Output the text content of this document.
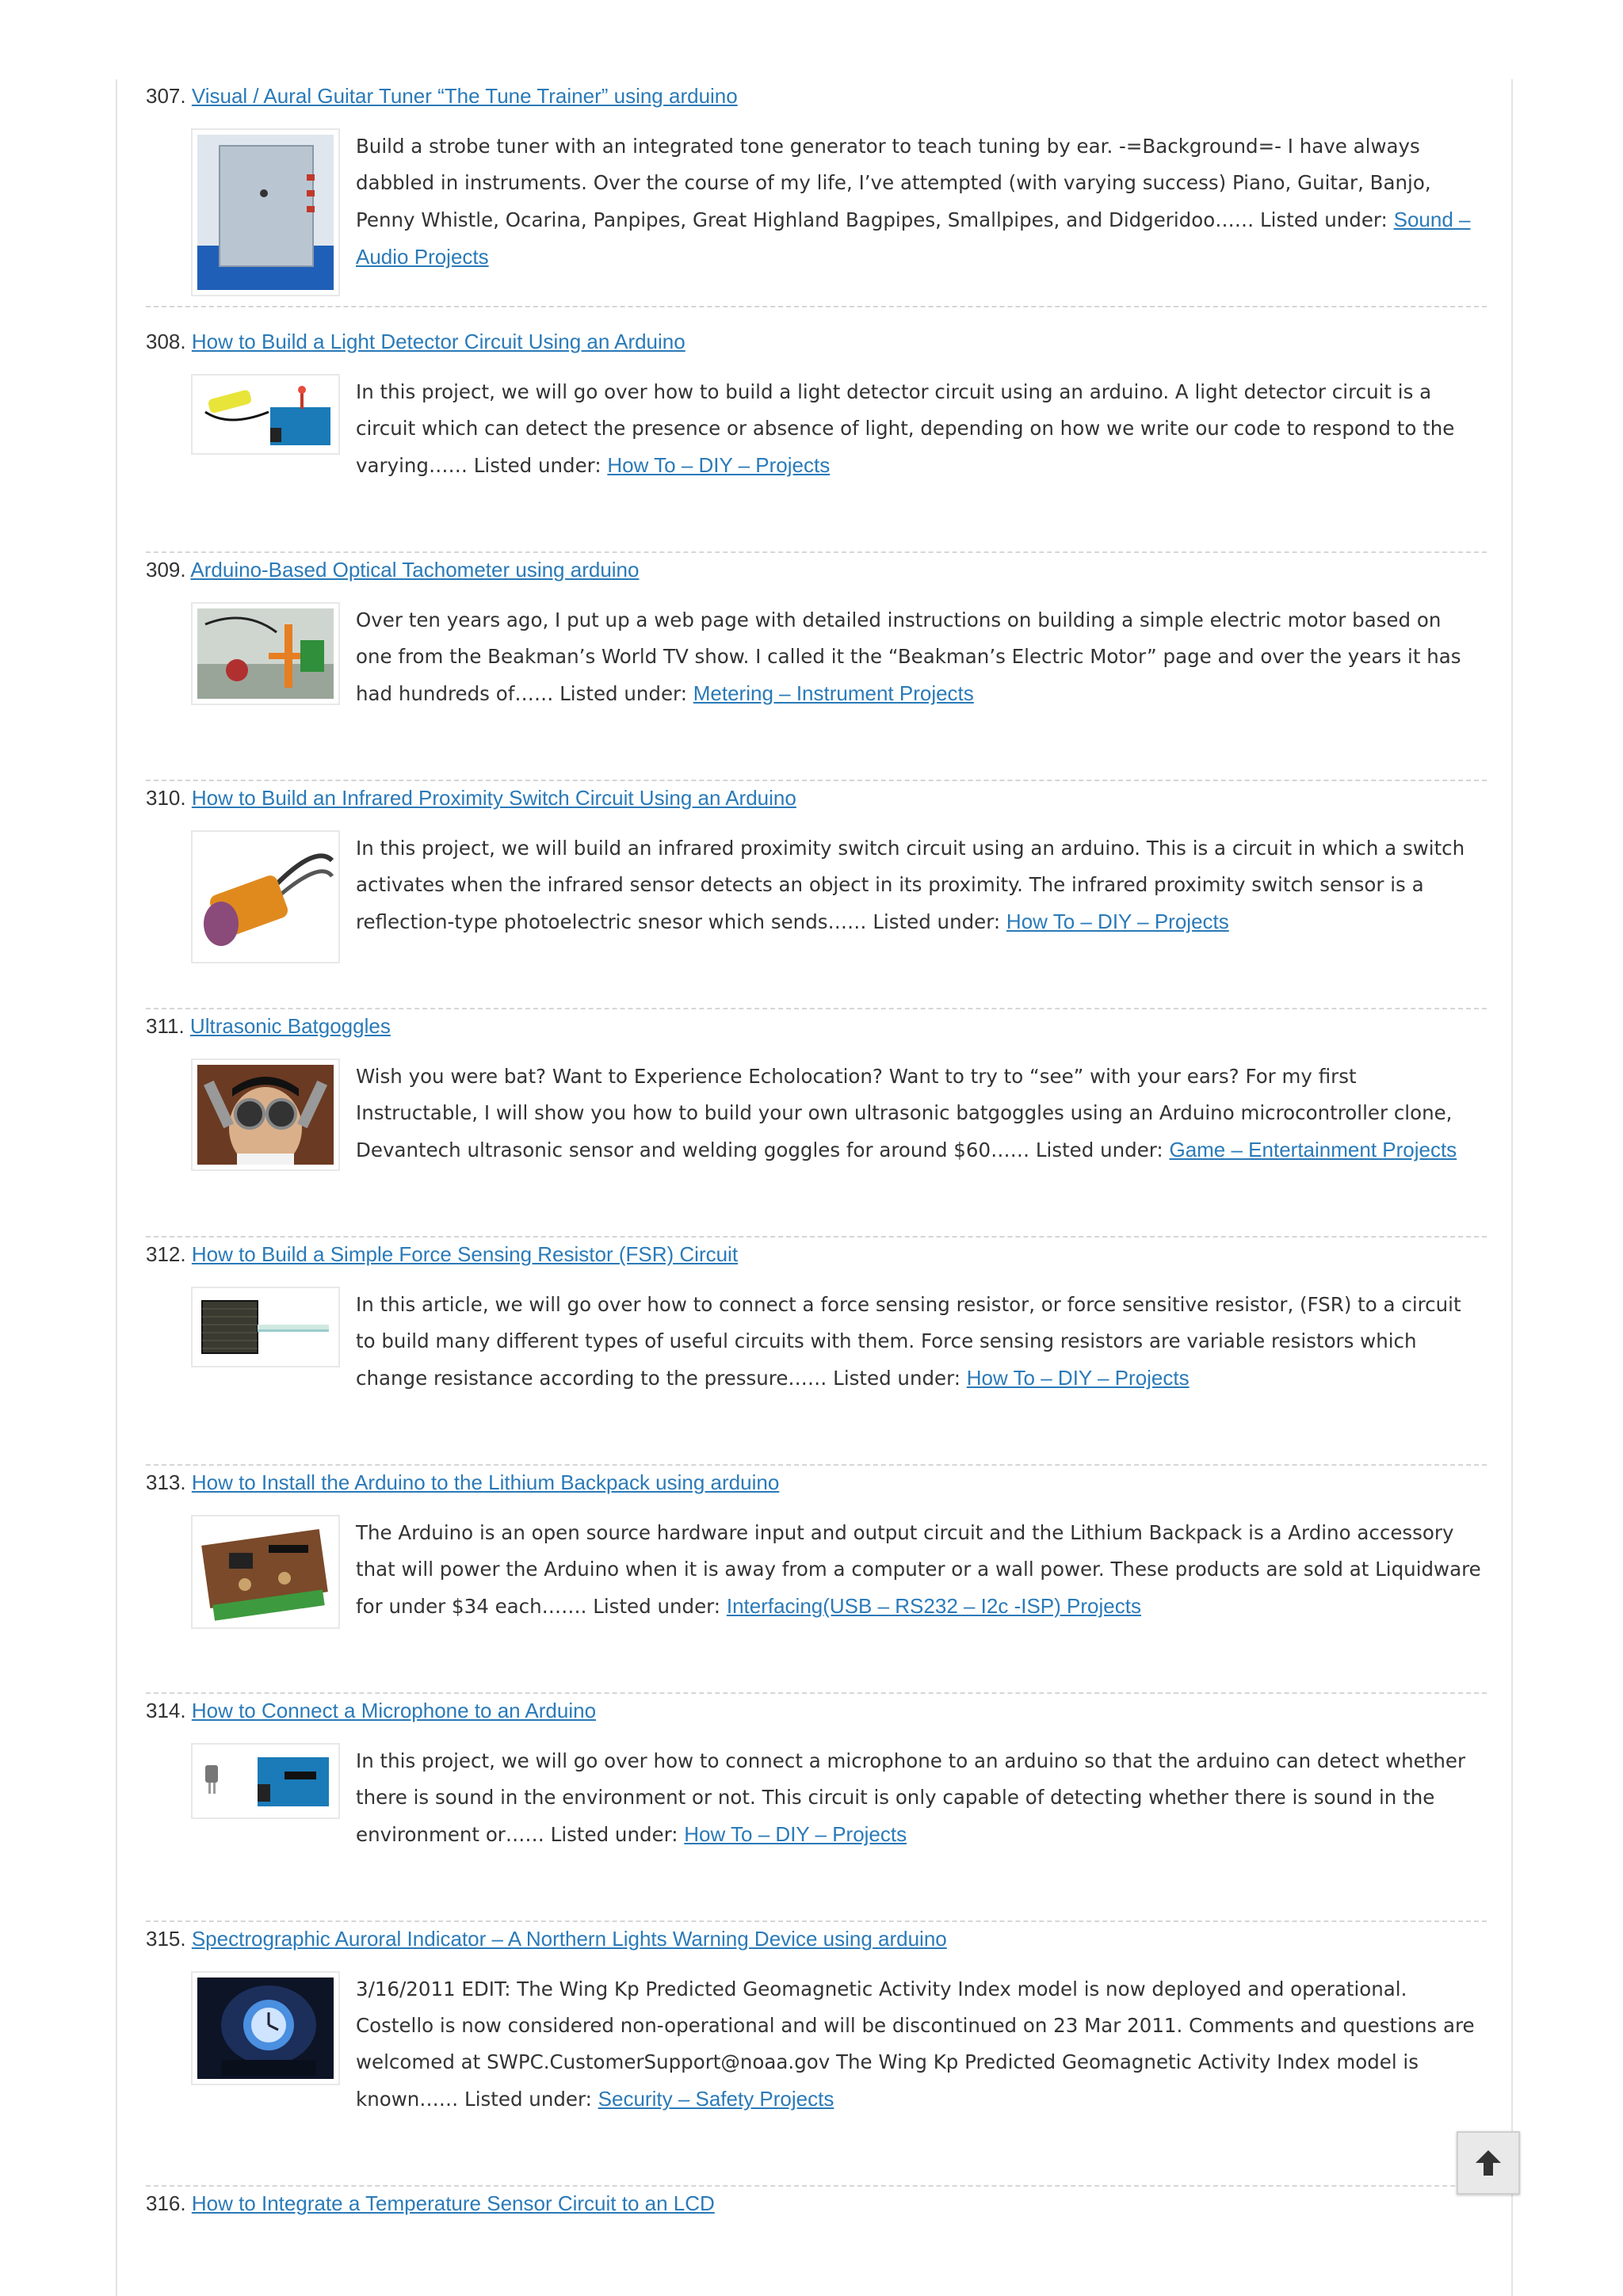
307. Visual / Aural Guitar Tuner “The Tune Trainer” using arduino
Build a strobe tuner with an integrated tone generator to teach tuning by ear. -=Background=- I have always dabbled in instruments. Over the course of my life, I’ve attempted (with varying success) Piano, Guitar, Banjo, Penny Whistle, Ocarina, Panpipes, Great Highland Bagpipes, Smallpipes, and Didgeridoo…… Listed under: Sound – Audio Projects
308. How to Build a Light Detector Circuit Using an Arduino
In this project, we will go over how to build a light detector circuit using an arduino. A light detector circuit is a circuit which can detect the presence or absence of light, depending on how we write our code to respond to the varying…… Listed under: How To – DIY – Projects
309. Arduino-Based Optical Tachometer using arduino
Over ten years ago, I put up a web page with detailed instructions on building a simple electric motor based on one from the Beakman’s World TV show. I called it the “Beakman’s Electric Motor” page and over the years it has had hundreds of…… Listed under: Metering – Instrument Projects
310. How to Build an Infrared Proximity Switch Circuit Using an Arduino
In this project, we will build an infrared proximity switch circuit using an arduino. This is a circuit in which a switch activates when the infrared sensor detects an object in its proximity. The infrared proximity switch sensor is a reflection-type photoelectric snesor which sends…… Listed under: How To – DIY – Projects
311. Ultrasonic Batgoggles
Wish you were bat? Want to Experience Echolocation? Want to try to “see” with your ears? For my first Instructable, I will show you how to build your own ultrasonic batgoggles using an Arduino microcontroller clone, Devantech ultrasonic sensor and welding goggles for around $60…… Listed under: Game – Entertainment Projects
312. How to Build a Simple Force Sensing Resistor (FSR) Circuit
In this article, we will go over how to connect a force sensing resistor, or force sensitive resistor, (FSR) to a circuit to build many different types of useful circuits with them. Force sensing resistors are variable resistors which change resistance according to the pressure…… Listed under: How To – DIY – Projects
313. How to Install the Arduino to the Lithium Backpack using arduino
The Arduino is an open source hardware input and output circuit and the Lithium Backpack is a Ardino accessory that will power the Arduino when it is away from a computer or a wall power. These products are sold at Liquidware for under $34 each……. Listed under: Interfacing(USB – RS232 – I2c -ISP) Projects
314. How to Connect a Microphone to an Arduino
In this project, we will go over how to connect a microphone to an arduino so that the arduino can detect whether there is sound in the environment or not. This circuit is only capable of detecting whether there is sound in the environment or…… Listed under: How To – DIY – Projects
315. Spectrographic Auroral Indicator – A Northern Lights Warning Device using arduino
3/16/2011 EDIT: The Wing Kp Predicted Geomagnetic Activity Index model is now deployed and operational. Costello is now considered non-operational and will be discontinued on 23 Mar 2011. Comments and questions are welcomed at SWPC.CustomerSupport@noaa.gov The Wing Kp Predicted Geomagnetic Activity Index model is known…… Listed under: Security – Safety Projects
316. How to Integrate a Temperature Sensor Circuit to an LCD
